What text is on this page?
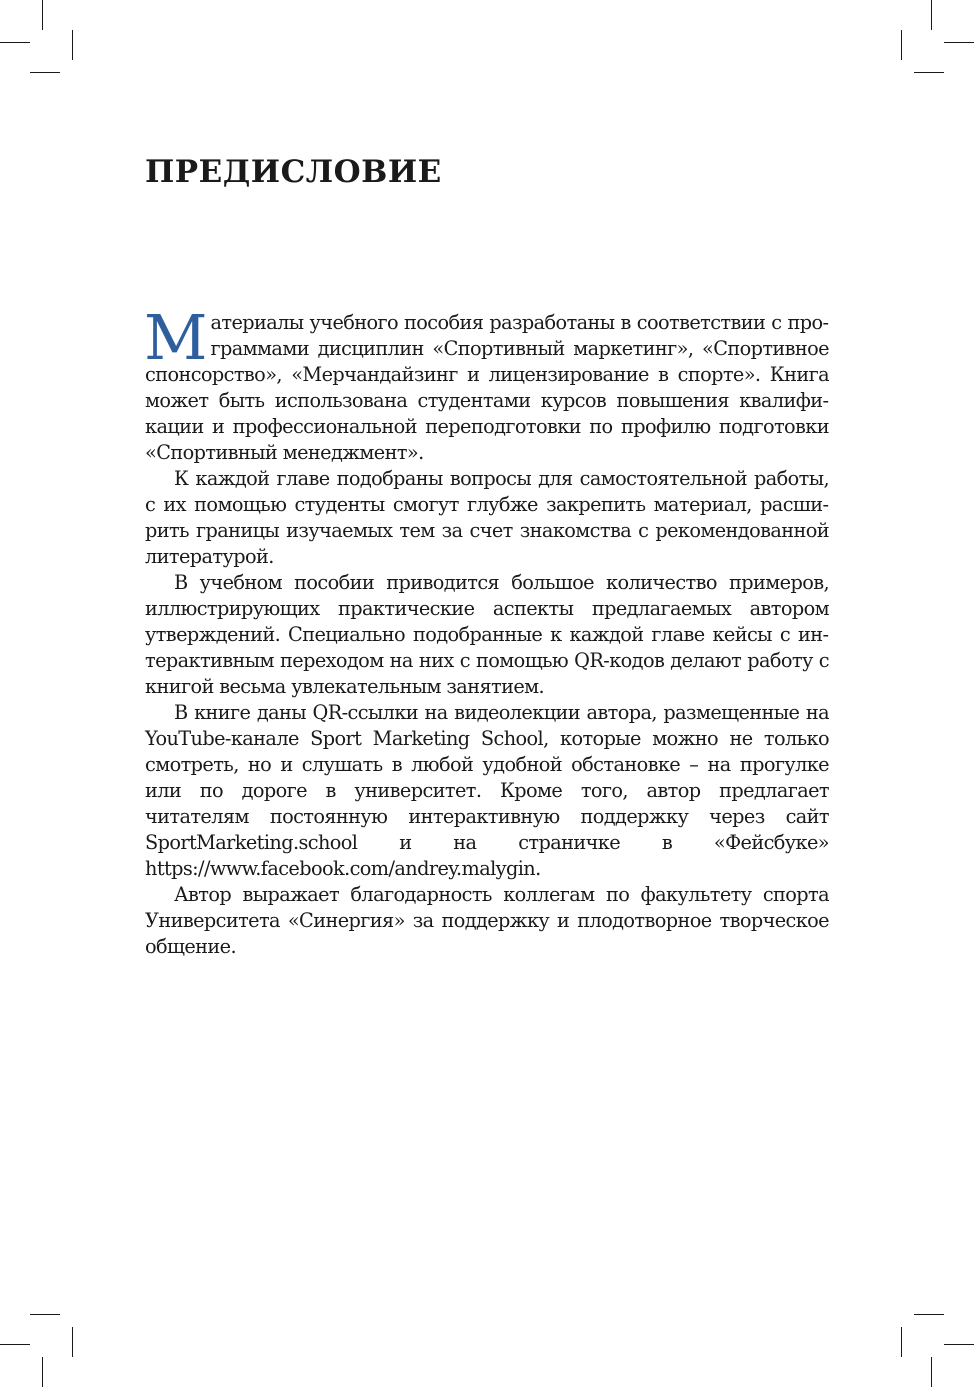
ПРЕДИСЛОВИЕ

Материалы учебного пособия разработаны в соответствии с программами дисциплин «Спортивный маркетинг», «Спортивное спонсорство», «Мерчандайзинг и лицензирование в спорте». Книга может быть использована студентами курсов повышения квалификации и профессиональной переподготовки по профилю подготовки «Спортивный менеджмент».

К каждой главе подобраны вопросы для самостоятельной работы, с их помощью студенты смогут глубже закрепить материал, расширить границы изучаемых тем за счет знакомства с рекомендованной литературой.

В учебном пособии приводится большое количество примеров, иллюстрирующих практические аспекты предлагаемых автором утверждений. Специально подобранные к каждой главе кейсы с интерактивным переходом на них с помощью QR-кодов делают работу с книгой весьма увлекательным занятием.

В книге даны QR-ссылки на видеолекции автора, размещенные на YouTube-канале Sport Marketing School, которые можно не только смотреть, но и слушать в любой удобной обстановке – на прогулке или по дороге в университет. Кроме того, автор предлагает читателям постоянную интерактивную поддержку через сайт SportMarketing.school и на страничке в «Фейсбуке» https://www.facebook.com/andrey.malygin.

Автор выражает благодарность коллегам по факультету спорта Университета «Синергия» за поддержку и плодотворное творческое общение.
